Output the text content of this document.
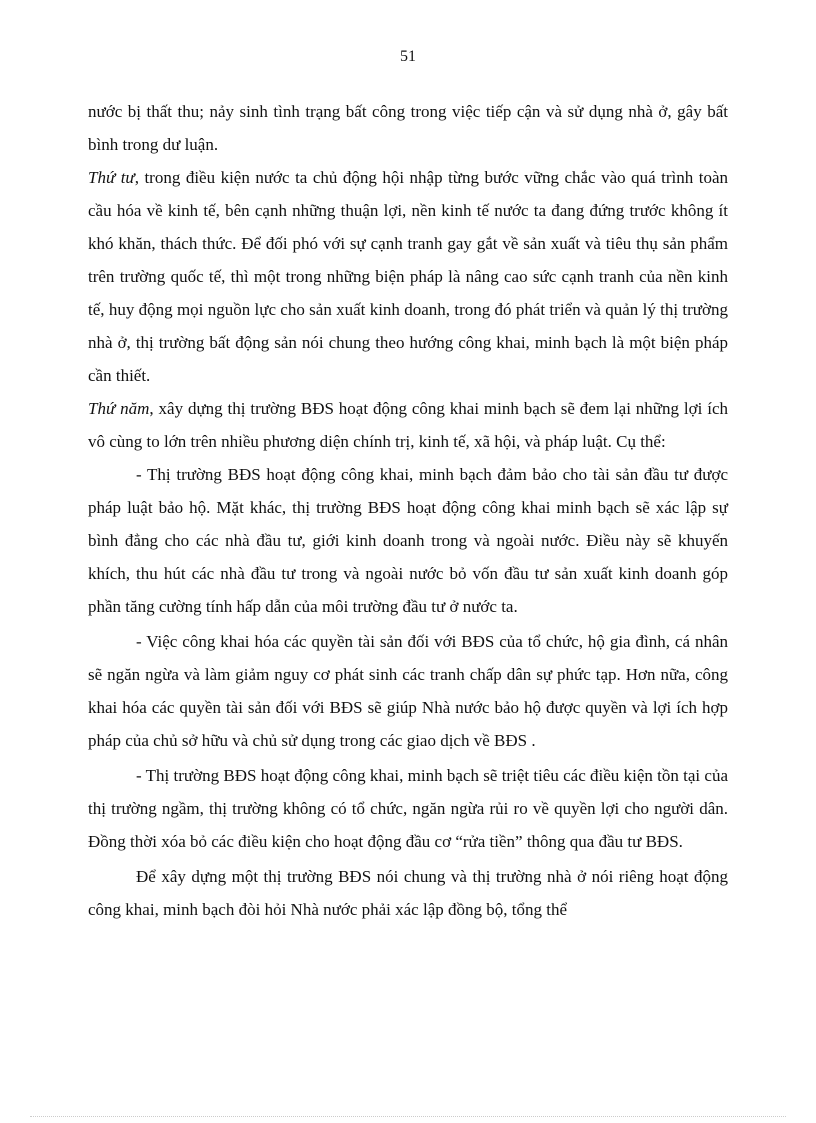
51

nước bị thất thu; nảy sinh tình trạng bất công trong việc tiếp cận và sử dụng nhà ở, gây bất bình trong dư luận.

Thứ tư, trong điều kiện nước ta chủ động hội nhập từng bước vững chắc vào quá trình toàn cầu hóa về kinh tế, bên cạnh những thuận lợi, nền kinh tế nước ta đang đứng trước không ít khó khăn, thách thức. Để đối phó với sự cạnh tranh gay gắt về sản xuất và tiêu thụ sản phẩm trên trường quốc tế, thì một trong những biện pháp là nâng cao sức cạnh tranh của nền kinh tế, huy động mọi nguồn lực cho sản xuất kinh doanh, trong đó phát triển và quản lý thị trường nhà ở, thị trường bất động sản nói chung theo hướng công khai, minh bạch là một biện pháp cần thiết.

Thứ năm, xây dựng thị trường BĐS hoạt động công khai minh bạch sẽ đem lại những lợi ích vô cùng to lớn trên nhiều phương diện chính trị, kinh tế, xã hội, và pháp luật. Cụ thể:

- Thị trường BĐS hoạt động công khai, minh bạch đảm bảo cho tài sản đầu tư được pháp luật bảo hộ. Mặt khác, thị trường BĐS hoạt động công khai minh bạch sẽ xác lập sự bình đẳng cho các nhà đầu tư, giới kinh doanh trong và ngoài nước. Điều này sẽ khuyến khích, thu hút các nhà đầu tư trong và ngoài nước bỏ vốn đầu tư sản xuất kinh doanh góp phần tăng cường tính hấp dẫn của môi trường đầu tư ở nước ta.

- Việc công khai hóa các quyền tài sản đối với BĐS của tổ chức, hộ gia đình, cá nhân sẽ ngăn ngừa và làm giảm nguy cơ phát sinh các tranh chấp dân sự phức tạp. Hơn nữa, công khai hóa các quyền tài sản đối với BĐS sẽ giúp Nhà nước bảo hộ được quyền và lợi ích hợp pháp của chủ sở hữu và chủ sử dụng trong các giao dịch về BĐS .

- Thị trường BĐS hoạt động công khai, minh bạch sẽ triệt tiêu các điều kiện tồn tại của thị trường ngầm, thị trường không có tổ chức, ngăn ngừa rủi ro về quyền lợi cho người dân. Đồng thời xóa bỏ các điều kiện cho hoạt động đầu cơ “rửa tiền” thông qua đầu tư BĐS.

Để xây dựng một thị trường BĐS nói chung và thị trường nhà ở nói riêng hoạt động công khai, minh bạch đòi hỏi Nhà nước phải xác lập đồng bộ, tổng thể
